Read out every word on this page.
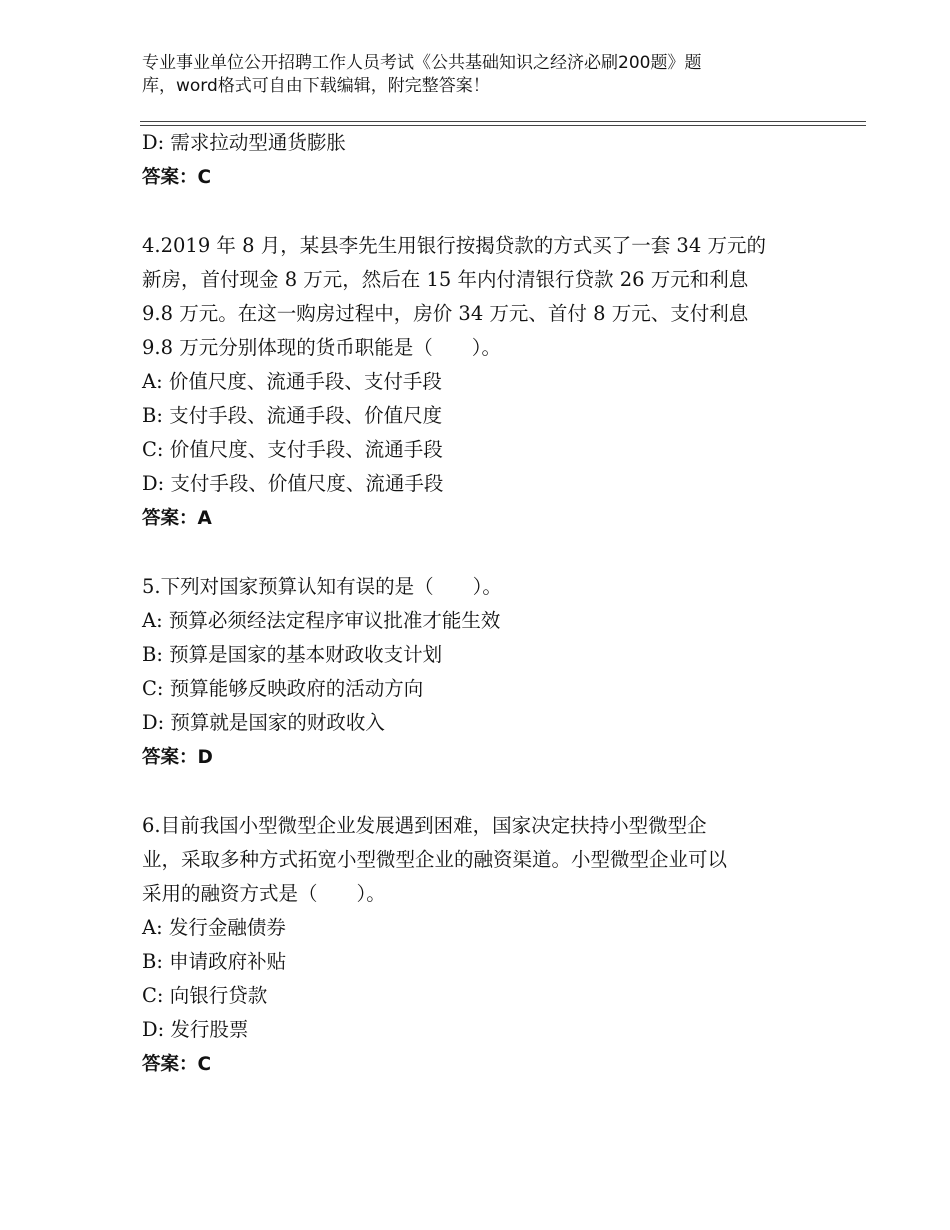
专业事业单位公开招聘工作人员考试《公共基础知识之经济必刷200题》题
库，word格式可自由下载编辑，附完整答案！
D: 需求拉动型通货膨胀
答案：C
4.2019 年 8 月，某县李先生用银行按揭贷款的方式买了一套 34 万元的
新房，首付现金 8 万元，然后在 15 年内付清银行贷款 26 万元和利息
9.8 万元。在这一购房过程中，房价 34 万元、首付 8 万元、支付利息
9.8 万元分别体现的货币职能是（　　）。
A: 价值尺度、流通手段、支付手段
B: 支付手段、流通手段、价值尺度
C: 价值尺度、支付手段、流通手段
D: 支付手段、价值尺度、流通手段
答案：A
5.下列对国家预算认知有误的是（　　）。
A: 预算必须经法定程序审议批准才能生效
B: 预算是国家的基本财政收支计划
C: 预算能够反映政府的活动方向
D: 预算就是国家的财政收入
答案：D
6.目前我国小型微型企业发展遇到困难，国家决定扶持小型微型企
业，采取多种方式拓宽小型微型企业的融资渠道。小型微型企业可以
采用的融资方式是（　　）。
A: 发行金融债券
B: 申请政府补贴
C: 向银行贷款
D: 发行股票
答案：C
